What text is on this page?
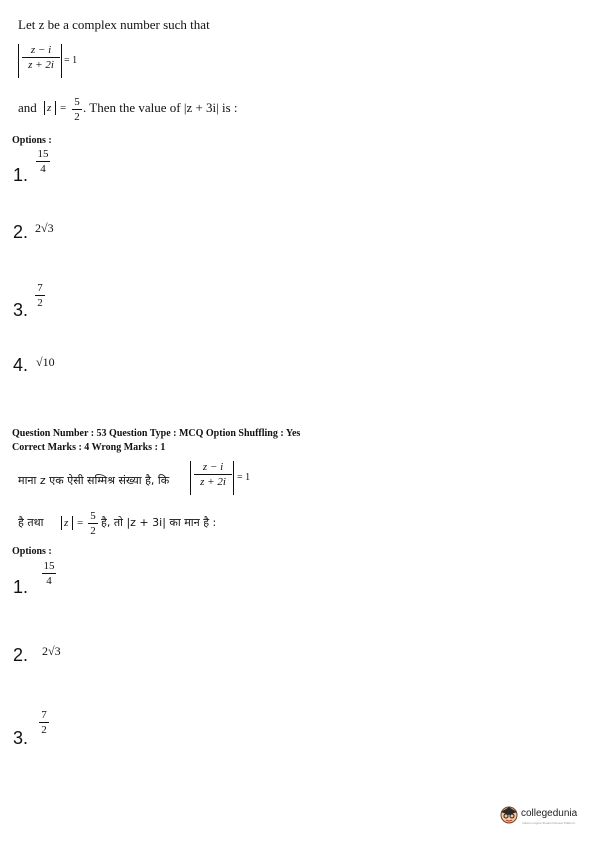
Let z be a complex number such that
z − i
z + 2i	= 1
and z = 5
2
. Then the value of |z + 3i| is :
Options :
1.
15
4
2. 2√3
3.
7
2
4. √10
Question Number : 53 Question Type : MCQ Option Shuffling : Yes
Correct Marks : 4 Wrong Marks : 1
माना z एक ऐसी सम्मिश्र संख्या है, कि
z − i
z + 2i	= 1
है तथा z =
5
2
है, तो |z + 3i| का मान है :
Options :
1.
15
4
2. 2√3
3.
7
2
collegedunia
India's Largest Student Review Platform
